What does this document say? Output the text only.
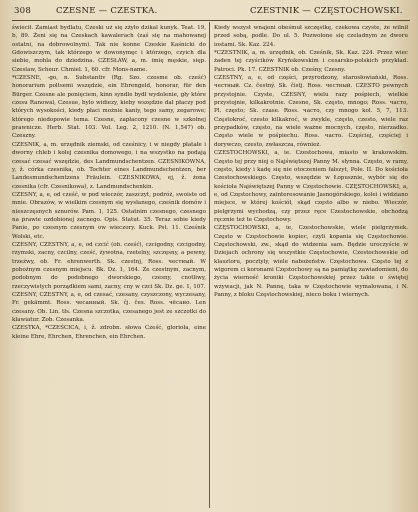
308	CZESNE — CZESTKA.	CZESTNIK — CZĘSTOCHOWSKI.

świecił. Zamiast bydlatu, Czeski uż się zżyło dzikal kunyk. Teat. 19, b, 89. Żeni się na Czeskach kawalerach (zaś się na mahowanej ostatni, na dobrowolnym). Tak nie konne Czeskie Kaśnicki do Gdowiszczym, tak którzego w dowonymęc i którzego, czyich dla siebie, mohla do dziedzina. CZESŁAW, a, m. imię męskie, sięp. Czeslaw, Scheur. Chmiel. 1, 60. cfr. Mons-name.

*CZESNE, -go, n. Substantiv (Rg. Szo. czesme ob. cześć) honorarium poltsemi wszędzie, ein Ehrengeld, honorar, für den Bürger. Czesne ale ponięciem, kinn syndle bydł wydolenie, gły które czesu Ranowal, Czesue, bylo widiezy, kieby wszędzie dał płaczy pod których wysokości, kiedy płaci możnie kaniy, tego samy, zegarowe; którego niedopowie tema. Czesne, zapłacony czesne w szkolnej prawnicze. Herb. Stat. 103. Vol. Leg. 2, 1210. (N. 1,547) ob. Czeszny.

CZESNIK, a, m. urzędnik ziemski, od cześnicy, i w niegdy płatałe i dworny chleb i kolej czesnika domowego, i na wszystko na podają czesać czesać wszędzie, des Landmundschentzen. CZESNIKÓWNA, y, ž. córka czesnika, ob. Tochter eines Landmundschentzen, ber Landesmundschentzens Fräulein. CZESNIKOWA, ej, ž. żona czesnika (cfr. Czesnikowa), z. Landmundschenkin.

CZESNY, a, e, od cześć, w pod wieczór, zaszczyt, podróż, swoiste od mnie. Obrazów, w wielkim czesnym się wysłanego, cześnik domów i nieszczęsnych sznurów. Pam. 1, 125. Ostatnim czesnego, czesnego na prawie ozdobionej zacnego. Opis. Statut. 35. Teraz sobie kiedy Panie, po czesnym czesnym ow wieczory. Kuck. Pst. 11. Cześnik Wolski, etc.

CZESNY, CZESTNY, a, e, od czcić (ob. cześć), czcigodny, czcigodny, rzymski, zacny, czcilny, cześć, żywotna, rzetelny, szczęsny, a pewny, trzeźwy, ob. Fr. ehrenwerth. Sk. czestnj, Ross. честный. W pobożnym czesnym miejscu. Bk. Dz. 1, 164. Ze czestnym, zacnym, podobnym do podobnego dworskiego, czesny, cnotliwy, rzeczywistych porządkiem sami, zacny, cny w czci Sk. Dz. ge. 1, 107.

CZESNY, CZESTNY, a, e, od czesać, czesany, czyszczony, wyczesany, Fr. gekämmt. Ross. чесанный. Sk. čj. čes. Ross. чёсано. Len czesany. Ob. Lin. tłs. Czesna szczotka, czesanego jest ze szczotki do klawiatur. Zob. Czesanka.

CZESTKA, *CZEŚCICA, i, ž. zdrobn. słowa Cześć, glorioła, eine kleine Ehre, Ehrchen, Ehrenchen, ein Ehrchen.

Kiedy wszyst wnajeni obeśmuł szczęstkę, czekowa czyste, że wilnił przed sobą, podle. Do ul. 5. Pozwolone się czeladnym ze dworu iostami. Sk. Kaz. 224.

*CZESTNIK, a, m. urzędnik, ob. Cześnik, Sk. Kaz. 224. Przez wiec żaden tej czyścików Kryńskowskim i cesarsko-polskich przykład. Patroci. Pk. 17. CZESTNIK ob. Cześny, Czesny.

CZESTNY, a, e, od części, przyrodzony, starosłowiański, Ross. честный. Cz. čestný. Sk. čistj. Ross. честный. CZESTO pewnych przystojnie. Czyste, CZESNY, wielu razy pośpiech, wielkie przystojnie, kilkakrotnie. Czesne, Sk. często, mnogo; Ross. часто, Pl. często; Sk. czase. Ross. часто, czy mnogo kol. 5, 7, 113. Częstokroć, czesto kilkakroć, w zwykle, często, czesto, wiele raz przypadków, często, na wiele ważne mocnych, często, nierzadko. Często wiele w pośpiechu. Ross. часто. Częściej, częściej i dorywczo, czesto, zwłaszcza, również.

CZESTOCHOWSKI, a, ie. Czestochowa, miasto w krakowskim. Często tej przy niej o Najświętszej Panny M. słynna. Często, w ramy, często, kiedy i kadę się nie otoczeniem fałszyt, Pole. II. Do kościoła Czestochowskiego. Często, wszędzie w Łopusznie, wybór się do kościoła Najświętszej Panny w Częstochowie. CZĘSTOCHOWSKI, a, e, od Częstochowy, zainteresowanie Jasnogórskiego, kolei i widziano miejsce, w której kościół, skąd często albo w niebo. Wieczór, pielgrzymi wychodzą, czy przez ręce Czestochowskie, obchodzą ręcznie też te Częstochowy.

CZĘSTOCHOWSKI, a, ie, Czestochowskie, wiele pielgrzymek. Często w Częstochowie kopiec, czyli kopania się Częstochowie. Częstochowski, zw., skąd do widzenia sam. Będzie uroczyście w Dziejach ochrony się wszystkie Częstochowie, Czestochowskie od klasztoru, pocztyly, wiele nabożeństw. Częstochowa. Często tej z wigorem ci koronami Częstochowy są na pamiątkę zawiadomieni, do życia wierność kroniki Częstochowskiej przez takie o świętej wzywacji, jak N. Pannę, taka w Częstochowie wymalowana, i N. Panny, z bloku Częstochowskiej, nieco boku i wiernych.
